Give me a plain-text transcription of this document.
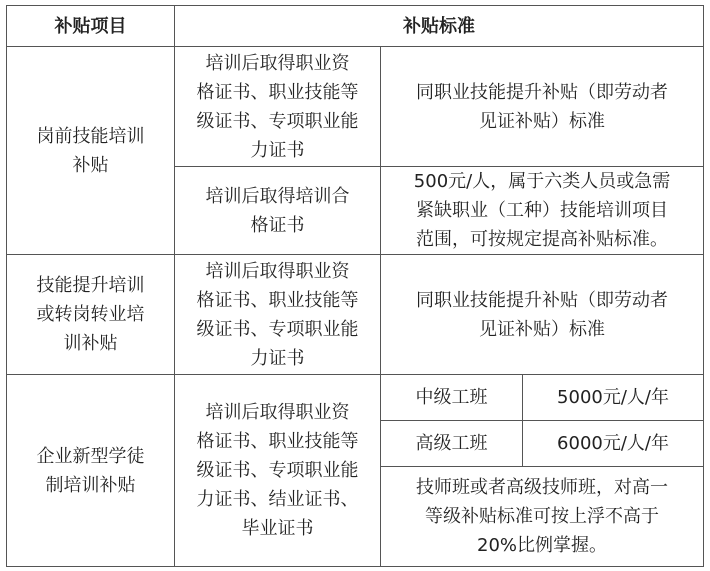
补贴项目	补贴标准		
岗前技能培训
补贴	培训后取得职业资
格证书、职业技能等
级证书、专项职业能
力证书	同职业技能提升补贴（即劳动者
见证补贴）标准	
	培训后取得培训合
格证书	500元/人，属于六类人员或急需
紧缺职业（工种）技能培训项目
范围，可按规定提高补贴标准。	
技能提升培训
或转岗转业培
训补贴	培训后取得职业资
格证书、职业技能等
级证书、专项职业能
力证书	同职业技能提升补贴（即劳动者
见证补贴）标准	
企业新型学徒
制培训补贴	培训后取得职业资
格证书、职业技能等
级证书、专项职业能
力证书、结业证书、
毕业证书	中级工班	5000元/人/年
		高级工班	6000元/人/年
		技师班或者高级技师班，对高一
等级补贴标准可按上浮不高于
20%比例掌握。	
